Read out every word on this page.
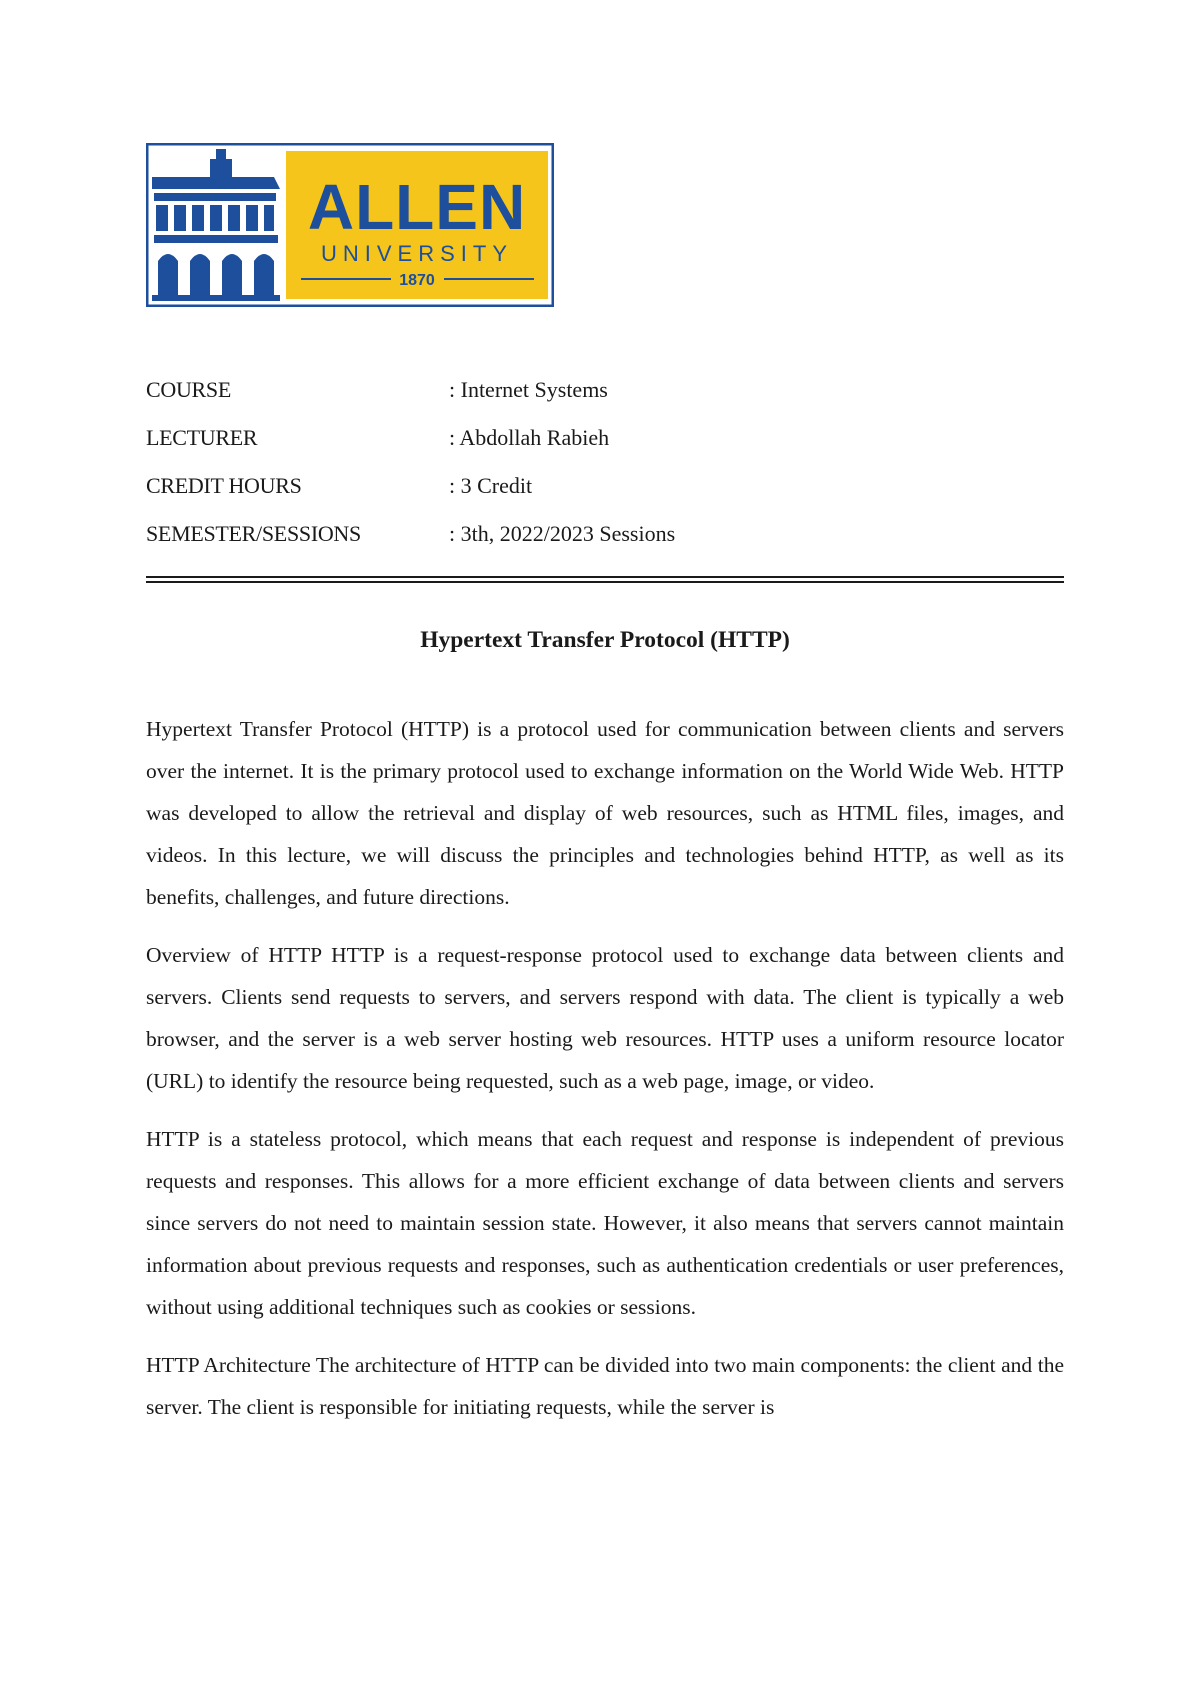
ALLEN
UNIVERSITY
1870
COURSE	: Internet Systems
LECTURER	: Abdollah Rabieh
CREDIT HOURS	: 3 Credit
SEMESTER/SESSIONS	: 3th, 2022/2023 Sessions
Hypertext Transfer Protocol (HTTP)

Hypertext Transfer Protocol (HTTP) is a protocol used for communication between clients and servers over the internet. It is the primary protocol used to exchange information on the World Wide Web. HTTP was developed to allow the retrieval and display of web resources, such as HTML files, images, and videos. In this lecture, we will discuss the principles and technologies behind HTTP, as well as its benefits, challenges, and future directions.

Overview of HTTP HTTP is a request-response protocol used to exchange data between clients and servers. Clients send requests to servers, and servers respond with data. The client is typically a web browser, and the server is a web server hosting web resources. HTTP uses a uniform resource locator (URL) to identify the resource being requested, such as a web page, image, or video.

HTTP is a stateless protocol, which means that each request and response is independent of previous requests and responses. This allows for a more efficient exchange of data between clients and servers since servers do not need to maintain session state. However, it also means that servers cannot maintain information about previous requests and responses, such as authentication credentials or user preferences, without using additional techniques such as cookies or sessions.

HTTP Architecture The architecture of HTTP can be divided into two main components: the client and the server. The client is responsible for initiating requests, while the server is
